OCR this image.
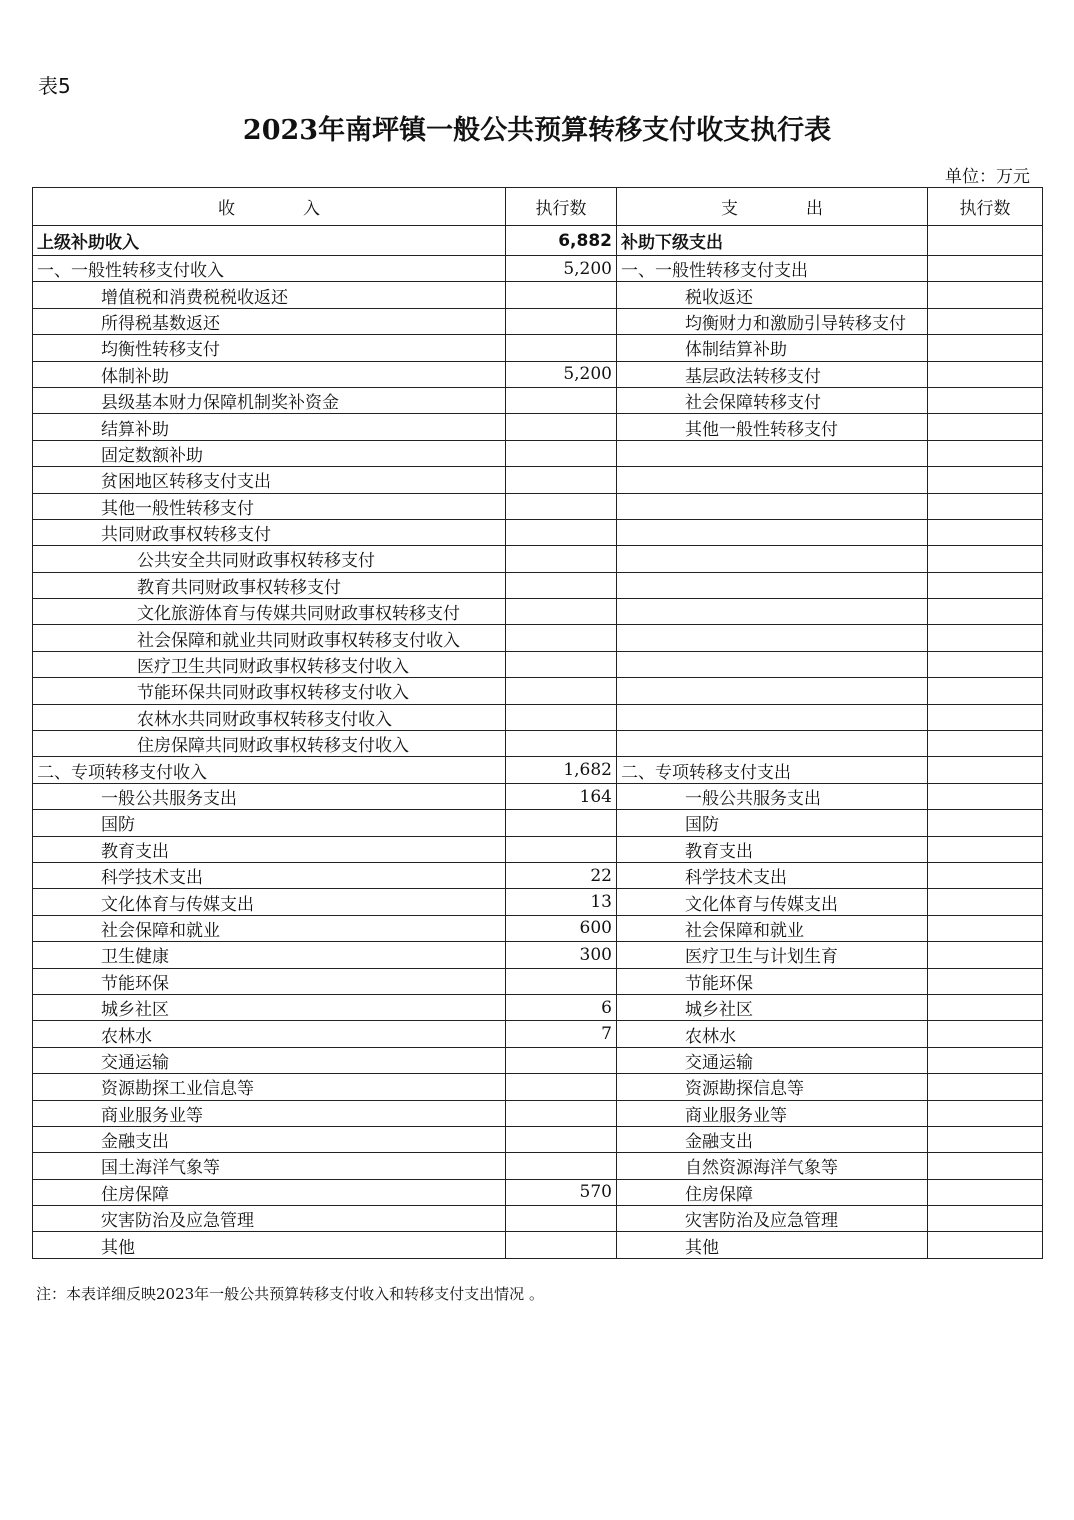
表5
2023年南坪镇一般公共预算转移支付收支执行表
单位：万元
收　　　　入	执行数	支　　　　出	执行数
上级补助收入	6,882	补助下级支出	
一、一般性转移支付收入	5,200	一、一般性转移支付支出	
增值税和消费税税收返还		税收返还	
所得税基数返还		均衡财力和激励引导转移支付	
均衡性转移支付		体制结算补助	
体制补助	5,200	基层政法转移支付	
县级基本财力保障机制奖补资金		社会保障转移支付	
结算补助		其他一般性转移支付	
固定数额补助			
贫困地区转移支付支出			
其他一般性转移支付			
共同财政事权转移支付			
公共安全共同财政事权转移支付			
教育共同财政事权转移支付			
文化旅游体育与传媒共同财政事权转移支付			
社会保障和就业共同财政事权转移支付收入			
医疗卫生共同财政事权转移支付收入			
节能环保共同财政事权转移支付收入			
农林水共同财政事权转移支付收入			
住房保障共同财政事权转移支付收入			
二、专项转移支付收入	1,682	二、专项转移支付支出	
一般公共服务支出	164	一般公共服务支出	
国防		国防	
教育支出		教育支出	
科学技术支出	22	科学技术支出	
文化体育与传媒支出	13	文化体育与传媒支出	
社会保障和就业	600	社会保障和就业	
卫生健康	300	医疗卫生与计划生育	
节能环保		节能环保	
城乡社区	6	城乡社区	
农林水	7	农林水	
交通运输		交通运输	
资源勘探工业信息等		资源勘探信息等	
商业服务业等		商业服务业等	
金融支出		金融支出	
国土海洋气象等		自然资源海洋气象等	
住房保障	570	住房保障	
灾害防治及应急管理		灾害防治及应急管理	
其他		其他	
注：本表详细反映2023年一般公共预算转移支付收入和转移支付支出情况 。
